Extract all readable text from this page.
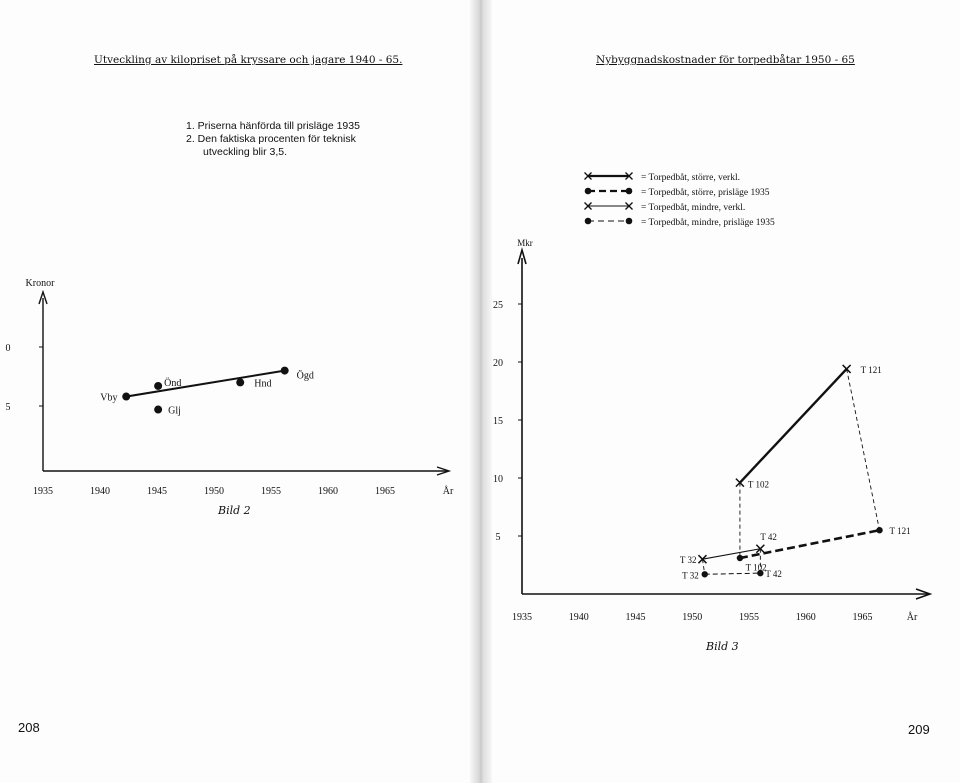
Utveckling av kilopriset på kryssare och jagare 1940 - 65.
1. Priserna hänförda till prisläge 1935
2. Den faktiska procenten för teknisk
utveckling blir 3,5.
Bild 2
208
Nybyggnadskostnader för torpedbåtar 1950 - 65
Bild 3
209
Kronor
0
5
1935	1940	1945	1950	1955	1960	1965	År
Vby
Önd
Glj
Hnd
Ögd
Mkr
5
10
15
20
25
1935	1940	1945	1950	1955	1960	1965	År
= Torpedbåt, större, verkl.
= Torpedbåt, större, prisläge 1935
= Torpedbåt, mindre, verkl.
= Torpedbåt, mindre, prisläge 1935
T 102
T 121
T 121
T 32
T 42
T 32	T 42
T 102
